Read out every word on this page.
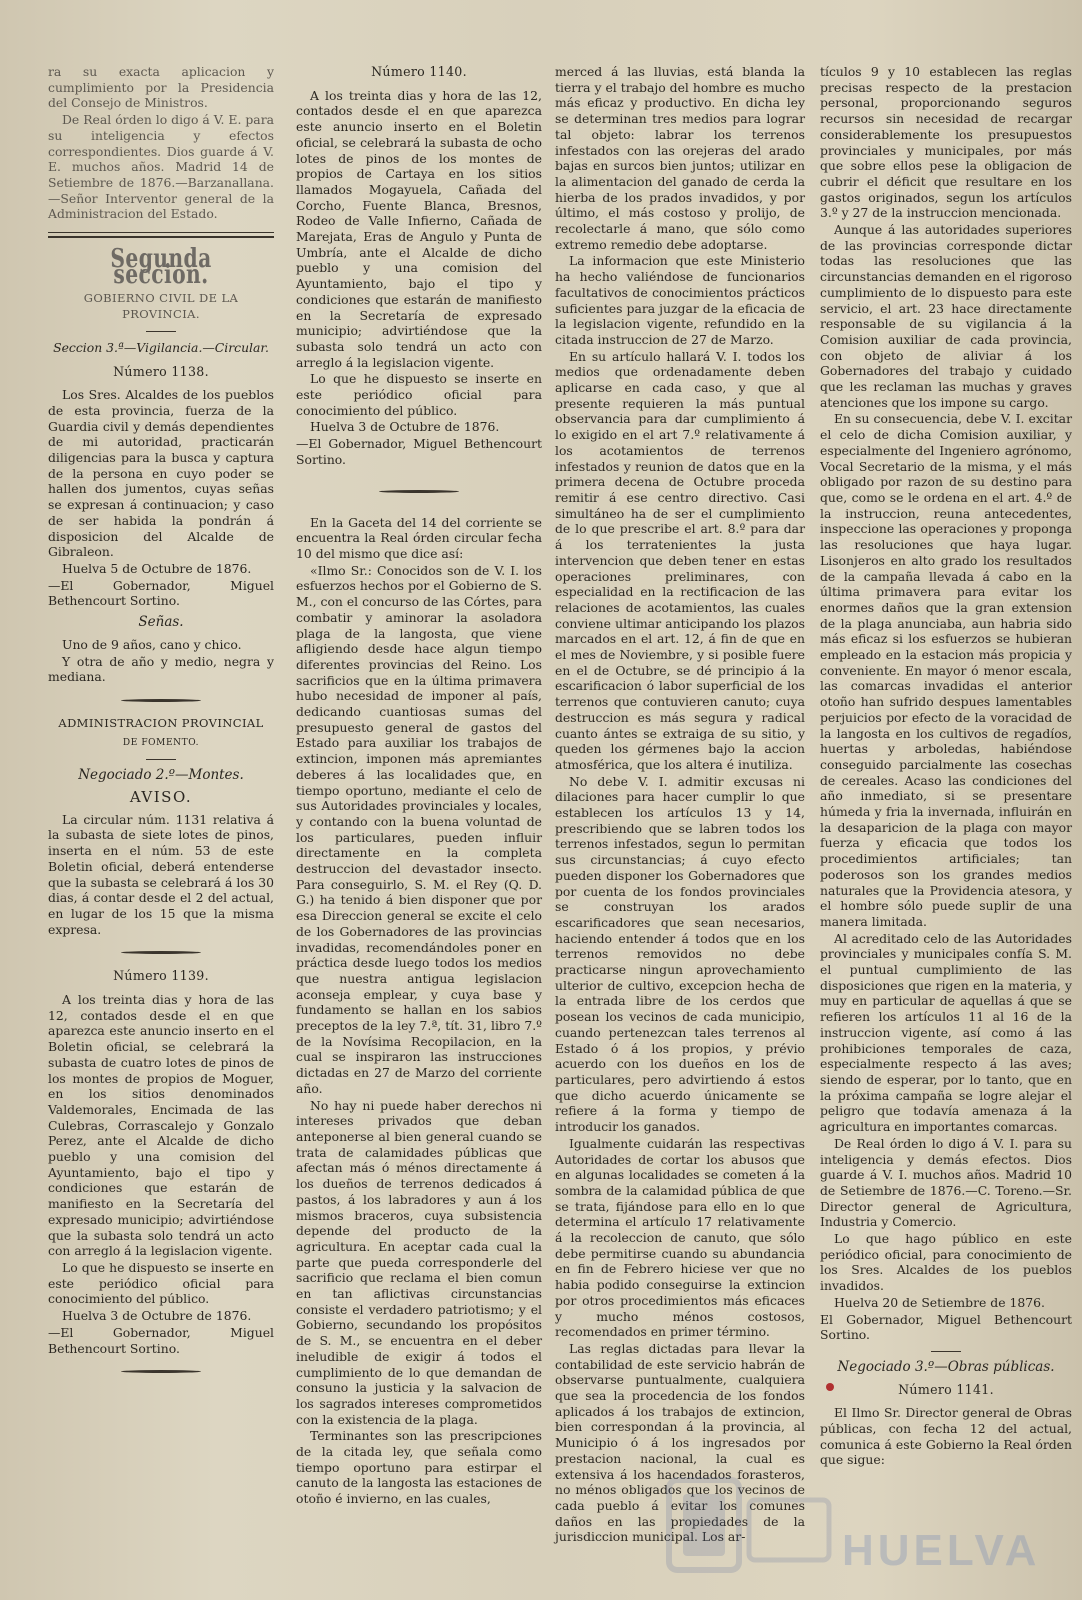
ra su exacta aplicacion y cumplimiento por la Presidencia del Consejo de Ministros.

De Real órden lo digo á V. E. para su inteligencia y efectos correspondientes. Dios guarde á V. E. muchos años. Madrid 14 de Setiembre de 1876.—Barzanallana.—Señor Interventor general de la Administracion del Estado.

Segunda seccion.
GOBIERNO CIVIL DE LA PROVINCIA.
Seccion 3.ª—Vigilancia.—Circular.
Número 1138.

Los Sres. Alcaldes de los pueblos de esta provincia, fuerza de la Guardia civil y demás dependientes de mi autoridad, practicarán diligencias para la busca y captura de la persona en cuyo poder se hallen dos jumentos, cuyas señas se expresan á continuacion; y caso de ser habida la pondrán á disposicion del Alcalde de Gibraleon.

Huelva 5 de Octubre de 1876.

—El Gobernador, Miguel Bethencourt Sortino.

Señas.

Uno de 9 años, cano y chico.

Y otra de año y medio, negra y mediana.

ADMINISTRACION PROVINCIAL
DE FOMENTO.
Negociado 2.º—Montes.
AVISO.

La circular núm. 1131 relativa á la subasta de siete lotes de pinos, inserta en el núm. 53 de este Boletin oficial, deberá entenderse que la subasta se celebrará á los 30 dias, á contar desde el 2 del actual, en lugar de los 15 que la misma expresa.

Número 1139.

A los treinta dias y hora de las 12, contados desde el en que aparezca este anuncio inserto en el Boletin oficial, se celebrará la subasta de cuatro lotes de pinos de los montes de propios de Moguer, en los sitios denominados Valdemorales, Encimada de las Culebras, Corrascalejo y Gonzalo Perez, ante el Alcalde de dicho pueblo y una comision del Ayuntamiento, bajo el tipo y condiciones que estarán de manifiesto en la Secretaría del expresado municipio; advirtiéndose que la subasta solo tendrá un acto con arreglo á la legislacion vigente.

Lo que he dispuesto se inserte en este periódico oficial para conocimiento del público.

Huelva 3 de Octubre de 1876.

—El Gobernador, Miguel Bethencourt Sortino.

Número 1140.

A los treinta dias y hora de las 12, contados desde el en que aparezca este anuncio inserto en el Boletin oficial, se celebrará la subasta de ocho lotes de pinos de los montes de propios de Cartaya en los sitios llamados Mogayuela, Cañada del Corcho, Fuente Blanca, Bresnos, Rodeo de Valle Infierno, Cañada de Marejata, Eras de Angulo y Punta de Umbría, ante el Alcalde de dicho pueblo y una comision del Ayuntamiento, bajo el tipo y condiciones que estarán de manifiesto en la Secretaría de expresado municipio; advirtiéndose que la subasta solo tendrá un acto con arreglo á la legislacion vigente.

Lo que he dispuesto se inserte en este periódico oficial para conocimiento del público.

Huelva 3 de Octubre de 1876.

—El Gobernador, Miguel Bethencourt Sortino.

En la Gaceta del 14 del corriente se encuentra la Real órden circular fecha 10 del mismo que dice así:

«Ilmo Sr.: Conocidos son de V. I. los esfuerzos hechos por el Gobierno de S. M., con el concurso de las Córtes, para combatir y aminorar la asoladora plaga de la langosta, que viene afligiendo desde hace algun tiempo diferentes provincias del Reino. Los sacrificios que en la última primavera hubo necesidad de imponer al país, dedicando cuantiosas sumas del presupuesto general de gastos del Estado para auxiliar los trabajos de extincion, imponen más apremiantes deberes á las localidades que, en tiempo oportuno, mediante el celo de sus Autoridades provinciales y locales, y contando con la buena voluntad de los particulares, pueden influir directamente en la completa destruccion del devastador insecto. Para conseguirlo, S. M. el Rey (Q. D. G.) ha tenido á bien disponer que por esa Direccion general se excite el celo de los Gobernadores de las provincias invadidas, recomendándoles poner en práctica desde luego todos los medios que nuestra antigua legislacion aconseja emplear, y cuya base y fundamento se hallan en los sabios preceptos de la ley 7.ª, tít. 31, libro 7.º de la Novísima Recopilacion, en la cual se inspiraron las instrucciones dictadas en 27 de Marzo del corriente año.

No hay ni puede haber derechos ni intereses privados que deban anteponerse al bien general cuando se trata de calamidades públicas que afectan más ó ménos directamente á los dueños de terrenos dedicados á pastos, á los labradores y aun á los mismos braceros, cuya subsistencia depende del producto de la agricultura. En aceptar cada cual la parte que pueda corresponderle del sacrificio que reclama el bien comun en tan aflictivas circunstancias consiste el verdadero patriotismo; y el Gobierno, secundando los propósitos de S. M., se encuentra en el deber ineludible de exigir á todos el cumplimiento de lo que demandan de consuno la justicia y la salvacion de los sagrados intereses comprometidos con la existencia de la plaga.

Terminantes son las prescripciones de la citada ley, que señala como tiempo oportuno para estirpar el canuto de la langosta las estaciones de otoño é invierno, en las cuales,

merced á las lluvias, está blanda la tierra y el trabajo del hombre es mucho más eficaz y productivo. En dicha ley se determinan tres medios para lograr tal objeto: labrar los terrenos infestados con las orejeras del arado bajas en surcos bien juntos; utilizar en la alimentacion del ganado de cerda la hierba de los prados invadidos, y por último, el más costoso y prolijo, de recolectarle á mano, que sólo como extremo remedio debe adoptarse.

La informacion que este Ministerio ha hecho valiéndose de funcionarios facultativos de conocimientos prácticos suficientes para juzgar de la eficacia de la legislacion vigente, refundido en la citada instruccion de 27 de Marzo.

En su artículo hallará V. I. todos los medios que ordenadamente deben aplicarse en cada caso, y que al presente requieren la más puntual observancia para dar cumplimiento á lo exigido en el art 7.º relativamente á los acotamientos de terrenos infestados y reunion de datos que en la primera decena de Octubre proceda remitir á ese centro directivo. Casi simultáneo ha de ser el cumplimiento de lo que prescribe el art. 8.º para dar á los terratenientes la justa intervencion que deben tener en estas operaciones preliminares, con especialidad en la rectificacion de las relaciones de acotamientos, las cuales conviene ultimar anticipando los plazos marcados en el art. 12, á fin de que en el mes de Noviembre, y si posible fuere en el de Octubre, se dé principio á la escarificacion ó labor superficial de los terrenos que contuvieren canuto; cuya destruccion es más segura y radical cuanto ántes se extraiga de su sitio, y queden los gérmenes bajo la accion atmosférica, que los altera é inutiliza.

No debe V. I. admitir excusas ni dilaciones para hacer cumplir lo que establecen los artículos 13 y 14, prescribiendo que se labren todos los terrenos infestados, segun lo permitan sus circunstancias; á cuyo efecto pueden disponer los Gobernadores que por cuenta de los fondos provinciales se construyan los arados escarificadores que sean necesarios, haciendo entender á todos que en los terrenos removidos no debe practicarse ningun aprovechamiento ulterior de cultivo, excepcion hecha de la entrada libre de los cerdos que posean los vecinos de cada municipio, cuando pertenezcan tales terrenos al Estado ó á los propios, y prévio acuerdo con los dueños en los de particulares, pero advirtiendo á estos que dicho acuerdo únicamente se refiere á la forma y tiempo de introducir los ganados.

Igualmente cuidarán las respectivas Autoridades de cortar los abusos que en algunas localidades se cometen á la sombra de la calamidad pública de que se trata, fijándose para ello en lo que determina el artículo 17 relativamente á la recoleccion de canuto, que sólo debe permitirse cuando su abundancia en fin de Febrero hiciese ver que no habia podido conseguirse la extincion por otros procedimientos más eficaces y mucho ménos costosos, recomendados en primer término.

Las reglas dictadas para llevar la contabilidad de este servicio habrán de observarse puntualmente, cualquiera que sea la procedencia de los fondos aplicados á los trabajos de extincion, bien correspondan á la provincia, al Municipio ó á los ingresados por prestacion nacional, la cual es extensiva á los hacendados forasteros, no ménos obligados que los vecinos de cada pueblo á evitar los comunes daños en las propiedades de la jurisdiccion municipal. Los ar-

tículos 9 y 10 establecen las reglas precisas respecto de la prestacion personal, proporcionando seguros recursos sin necesidad de recargar considerablemente los presupuestos provinciales y municipales, por más que sobre ellos pese la obligacion de cubrir el déficit que resultare en los gastos originados, segun los artículos 3.º y 27 de la instruccion mencionada.

Aunque á las autoridades superiores de las provincias corresponde dictar todas las resoluciones que las circunstancias demanden en el rigoroso cumplimiento de lo dispuesto para este servicio, el art. 23 hace directamente responsable de su vigilancia á la Comision auxiliar de cada provincia, con objeto de aliviar á los Gobernadores del trabajo y cuidado que les reclaman las muchas y graves atenciones que los impone su cargo.

En su consecuencia, debe V. I. excitar el celo de dicha Comision auxiliar, y especialmente del Ingeniero agrónomo, Vocal Secretario de la misma, y el más obligado por razon de su destino para que, como se le ordena en el art. 4.º de la instruccion, reuna antecedentes, inspeccione las operaciones y proponga las resoluciones que haya lugar. Lisonjeros en alto grado los resultados de la campaña llevada á cabo en la última primavera para evitar los enormes daños que la gran extension de la plaga anunciaba, aun habria sido más eficaz si los esfuerzos se hubieran empleado en la estacion más propicia y conveniente. En mayor ó menor escala, las comarcas invadidas el anterior otoño han sufrido despues lamentables perjuicios por efecto de la voracidad de la langosta en los cultivos de regadíos, huertas y arboledas, habiéndose conseguido parcialmente las cosechas de cereales. Acaso las condiciones del año inmediato, si se presentare húmeda y fria la invernada, influirán en la desaparicion de la plaga con mayor fuerza y eficacia que todos los procedimientos artificiales; tan poderosos son los grandes medios naturales que la Providencia atesora, y el hombre sólo puede suplir de una manera limitada.

Al acreditado celo de las Autoridades provinciales y municipales confía S. M. el puntual cumplimiento de las disposiciones que rigen en la materia, y muy en particular de aquellas á que se refieren los artículos 11 al 16 de la instruccion vigente, así como á las prohibiciones temporales de caza, especialmente respecto á las aves; siendo de esperar, por lo tanto, que en la próxima campaña se logre alejar el peligro que todavía amenaza á la agricultura en importantes comarcas.

De Real órden lo digo á V. I. para su inteligencia y demás efectos. Dios guarde á V. I. muchos años. Madrid 10 de Setiembre de 1876.—C. Toreno.—Sr. Director general de Agricultura, Industria y Comercio.

Lo que hago público en este periódico oficial, para conocimiento de los Sres. Alcaldes de los pueblos invadidos.

Huelva 20 de Setiembre de 1876.

El Gobernador, Miguel Bethencourt Sortino.

Negociado 3.º—Obras públicas.
Número 1141.

El Ilmo Sr. Director general de Obras públicas, con fecha 12 del actual, comunica á este Gobierno la Real órden que sigue:

HUELVA
